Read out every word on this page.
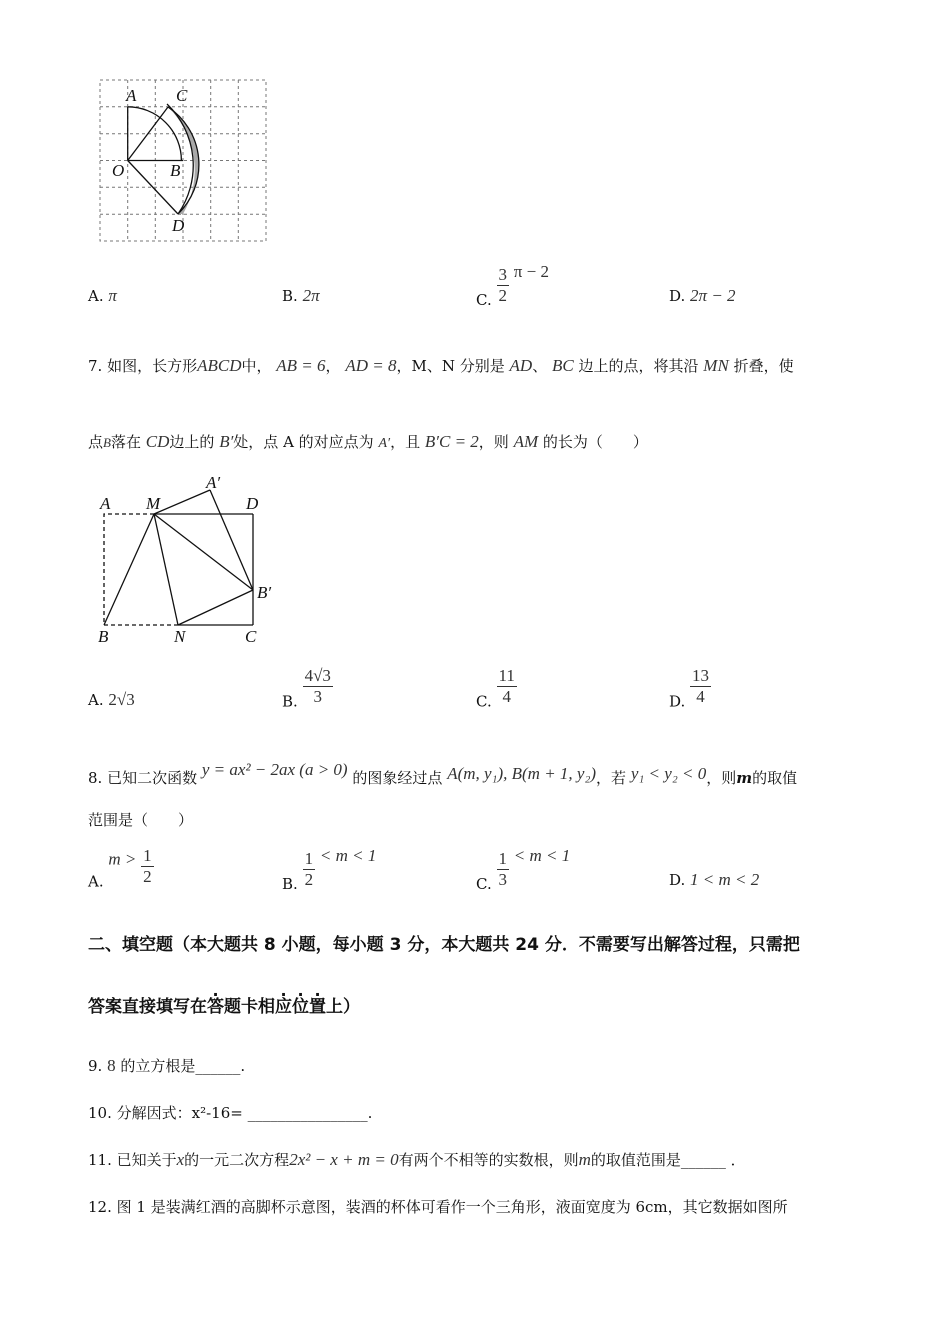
A C
O	B
D
A. π	B. 2π	C. $\frac{3}{2}$ π − 2
D. 2π − 2
7. 如图，长方形ABCD中， AB = 6， AD = 8，M、N 分别是 AD、 BC 边上的点，将其沿 MN 折叠，使
点B落在 CD边上的 B′处，点 A 的对应点为 A′，且 B′C = 2，则 AM 的长为（　　）
A M
A′
D
B′
B	N	C
A. 2√3	B. $\frac{4√3}{3}$	C. $\frac{11}{4}$	D. $\frac{13}{4}$
8. 已知二次函数 y = ax² − 2ax (a > 0) 的图象经过点 A(m, y₁), B(m + 1, y₂)，若 y₁ < y₂ < 0，则m的取值
范围是（　　）
A. $m > \frac{1}{2}$	B. $\frac{1}{2} < m < 1$
C. $\frac{1}{3} < m < 1$
D. 1 < m < 2
二、填空题（本大题共 8 小题，每小题 3 分，本大题共 24 分．不需要写出解答过程，只需把
答案直接填写在答题卡相应位置上）
9. 8 的立方根是______.
10. 分解因式：x²-16= ________________.
11. 已知关于x的一元二次方程2x² − x + m = 0有两个不相等的实数根，则m的取值范围是______ ．
12. 图 1 是装满红酒的高脚杯示意图，装酒的杯体可看作一个三角形，液面宽度为 6cm，其它数据如图所
